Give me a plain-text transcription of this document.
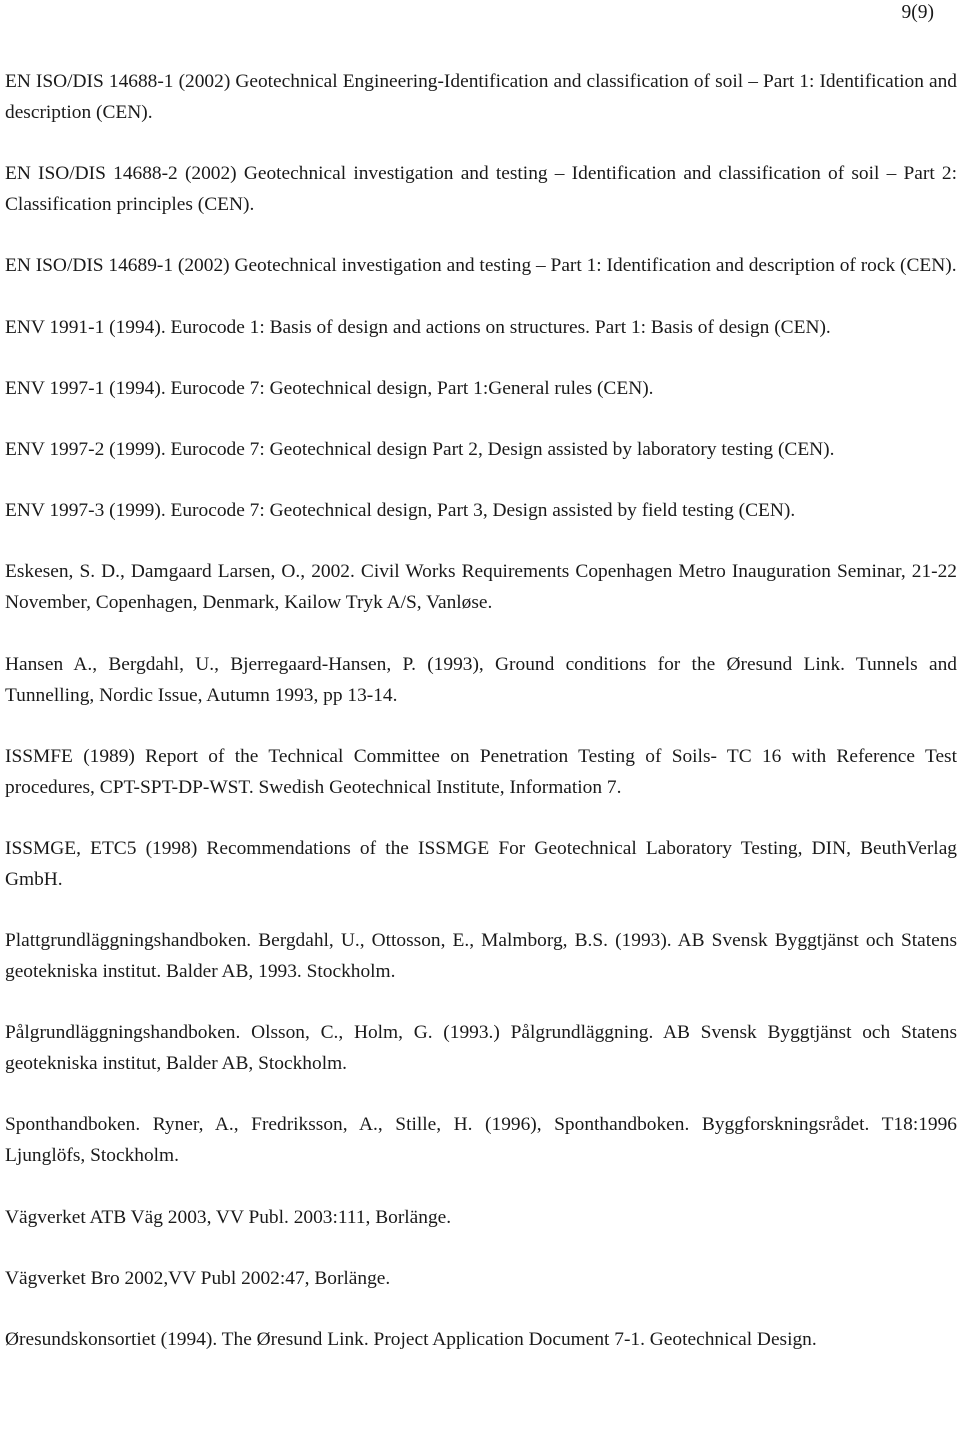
9(9)
EN ISO/DIS 14688-1 (2002) Geotechnical Engineering-Identification and classification of soil – Part 1: Identification and description (CEN).
EN ISO/DIS 14688-2 (2002) Geotechnical investigation and testing – Identification and classification of soil – Part 2: Classification principles (CEN).
EN ISO/DIS 14689-1 (2002) Geotechnical investigation and testing – Part 1: Identification and description of rock (CEN).
ENV 1991-1 (1994). Eurocode 1: Basis of design and actions on structures. Part 1: Basis of design (CEN).
ENV 1997-1 (1994). Eurocode 7: Geotechnical design, Part 1:General rules (CEN).
ENV 1997-2 (1999). Eurocode 7: Geotechnical design Part 2, Design assisted by laboratory testing (CEN).
ENV 1997-3 (1999). Eurocode 7: Geotechnical design, Part 3, Design assisted by field testing (CEN).
Eskesen, S. D., Damgaard Larsen, O., 2002. Civil Works Requirements Copenhagen Metro Inauguration Seminar, 21-22 November, Copenhagen, Denmark, Kailow Tryk A/S, Vanløse.
Hansen A., Bergdahl, U., Bjerregaard-Hansen, P. (1993), Ground conditions for the Øresund Link. Tunnels and Tunnelling, Nordic Issue, Autumn 1993, pp 13-14.
ISSMFE (1989) Report of the Technical Committee on Penetration Testing of Soils- TC 16 with Reference Test procedures, CPT-SPT-DP-WST. Swedish Geotechnical Institute, Information 7.
ISSMGE, ETC5 (1998) Recommendations of the ISSMGE For Geotechnical Laboratory Testing, DIN, BeuthVerlag GmbH.
Plattgrundläggningshandboken. Bergdahl, U., Ottosson, E., Malmborg, B.S. (1993). AB Svensk Byggtjänst och Statens geotekniska institut. Balder AB, 1993. Stockholm.
Pålgrundläggningshandboken. Olsson, C., Holm, G. (1993.) Pålgrundläggning. AB Svensk Byggtjänst och Statens geotekniska institut, Balder AB, Stockholm.
Sponthandboken. Ryner, A., Fredriksson, A., Stille, H. (1996), Sponthandboken. Byggforskningsrådet. T18:1996 Ljunglöfs, Stockholm.
Vägverket ATB Väg 2003, VV Publ. 2003:111, Borlänge.
Vägverket Bro 2002,VV Publ 2002:47, Borlänge.
Øresundskonsortiet (1994). The Øresund Link. Project Application Document 7-1. Geotechnical Design.
